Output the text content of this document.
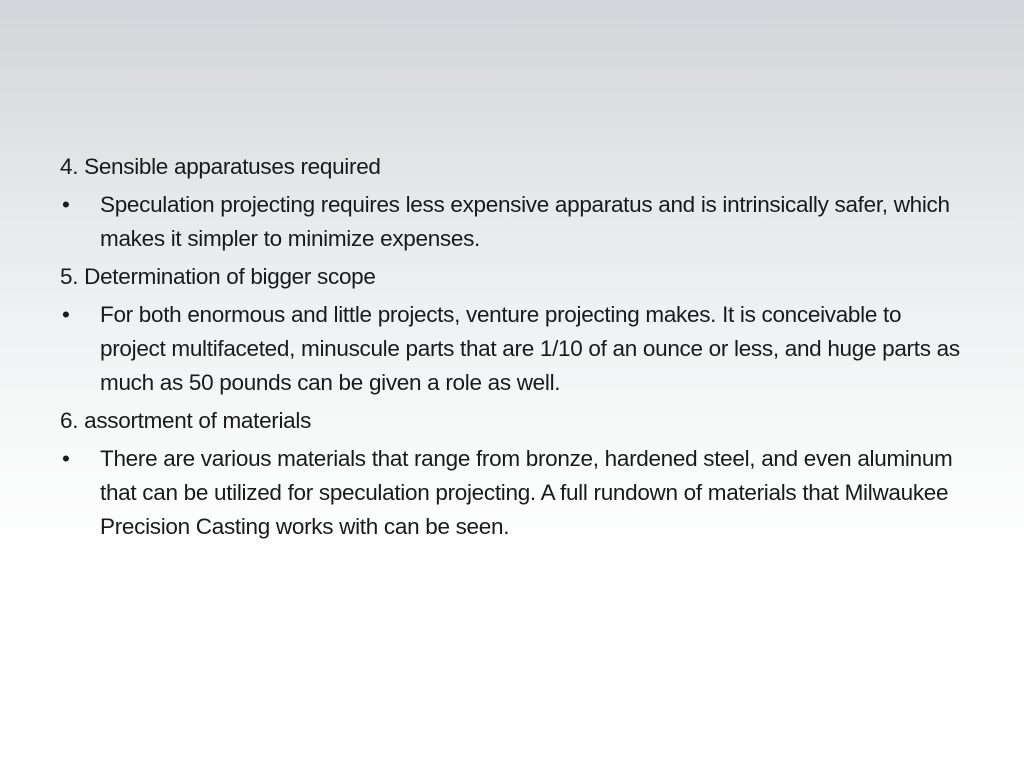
4. Sensible apparatuses required

•	Speculation projecting requires less expensive apparatus and is intrinsically safer, which makes it simpler to minimize expenses.

5. Determination of bigger scope

•	For both enormous and little projects, venture projecting makes. It is conceivable to project multifaceted, minuscule parts that are 1/10 of an ounce or less, and huge parts as much as 50 pounds can be given a role as well.

6. assortment of materials

•	There are various materials that range from bronze, hardened steel, and even aluminum that can be utilized for speculation projecting. A full rundown of materials that Milwaukee Precision Casting works with can be seen.
